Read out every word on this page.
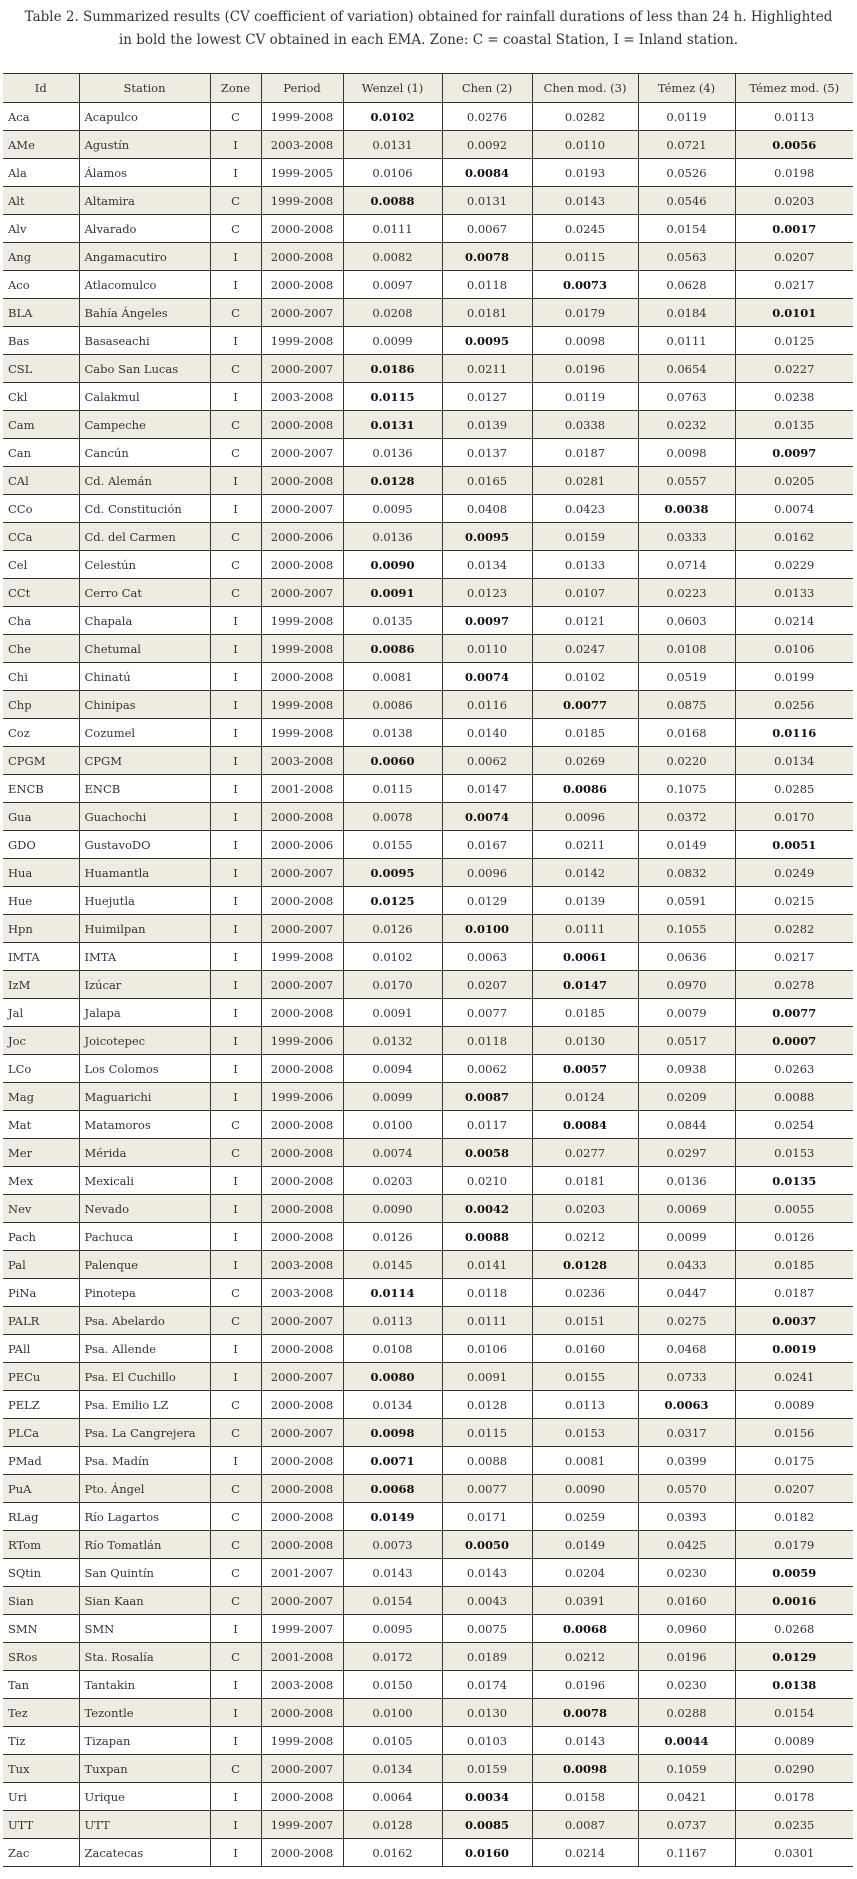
Table 2. Summarized results (CV coefficient of variation) obtained for rainfall durations of less than 24 h. Highlighted
in bold the lowest CV obtained in each EMA. Zone: C = coastal Station, I = Inland station.
Id	Station	Zone	Period	Wenzel (1)	Chen (2)	Chen mod. (3)	Témez (4)	Témez mod. (5)
Aca	Acapulco	C	1999-2008	0.0102	0.0276	0.0282	0.0119	0.0113
AMe	Agustín	I	2003-2008	0.0131	0.0092	0.0110	0.0721	0.0056
Ala	Álamos	I	1999-2005	0.0106	0.0084	0.0193	0.0526	0.0198
Alt	Altamira	C	1999-2008	0.0088	0.0131	0.0143	0.0546	0.0203
Alv	Alvarado	C	2000-2008	0.0111	0.0067	0.0245	0.0154	0.0017
Ang	Angamacutiro	I	2000-2008	0.0082	0.0078	0.0115	0.0563	0.0207
Aco	Atlacomulco	I	2000-2008	0.0097	0.0118	0.0073	0.0628	0.0217
BLA	Bahía Ángeles	C	2000-2007	0.0208	0.0181	0.0179	0.0184	0.0101
Bas	Basaseachi	I	1999-2008	0.0099	0.0095	0.0098	0.0111	0.0125
CSL	Cabo San Lucas	C	2000-2007	0.0186	0.0211	0.0196	0.0654	0.0227
Ckl	Calakmul	I	2003-2008	0.0115	0.0127	0.0119	0.0763	0.0238
Cam	Campeche	C	2000-2008	0.0131	0.0139	0.0338	0.0232	0.0135
Can	Cancún	C	2000-2007	0.0136	0.0137	0.0187	0.0098	0.0097
CAl	Cd. Alemán	I	2000-2008	0.0128	0.0165	0.0281	0.0557	0.0205
CCo	Cd. Constitución	I	2000-2007	0.0095	0.0408	0.0423	0.0038	0.0074
CCa	Cd. del Carmen	C	2000-2006	0.0136	0.0095	0.0159	0.0333	0.0162
Cel	Celestún	C	2000-2008	0.0090	0.0134	0.0133	0.0714	0.0229
CCt	Cerro Cat	C	2000-2007	0.0091	0.0123	0.0107	0.0223	0.0133
Cha	Chapala	I	1999-2008	0.0135	0.0097	0.0121	0.0603	0.0214
Che	Chetumal	I	1999-2008	0.0086	0.0110	0.0247	0.0108	0.0106
Chi	Chinatú	I	2000-2008	0.0081	0.0074	0.0102	0.0519	0.0199
Chp	Chinipas	I	1999-2008	0.0086	0.0116	0.0077	0.0875	0.0256
Coz	Cozumel	I	1999-2008	0.0138	0.0140	0.0185	0.0168	0.0116
CPGM	CPGM	I	2003-2008	0.0060	0.0062	0.0269	0.0220	0.0134
ENCB	ENCB	I	2001-2008	0.0115	0.0147	0.0086	0.1075	0.0285
Gua	Guachochi	I	2000-2008	0.0078	0.0074	0.0096	0.0372	0.0170
GDO	GustavoDO	I	2000-2006	0.0155	0.0167	0.0211	0.0149	0.0051
Hua	Huamantla	I	2000-2007	0.0095	0.0096	0.0142	0.0832	0.0249
Hue	Huejutla	I	2000-2008	0.0125	0.0129	0.0139	0.0591	0.0215
Hpn	Huimilpan	I	2000-2007	0.0126	0.0100	0.0111	0.1055	0.0282
IMTA	IMTA	I	1999-2008	0.0102	0.0063	0.0061	0.0636	0.0217
IzM	Izúcar	I	2000-2007	0.0170	0.0207	0.0147	0.0970	0.0278
Jal	Jalapa	I	2000-2008	0.0091	0.0077	0.0185	0.0079	0.0077
Joc	Joicotepec	I	1999-2006	0.0132	0.0118	0.0130	0.0517	0.0007
LCo	Los Colomos	I	2000-2008	0.0094	0.0062	0.0057	0.0938	0.0263
Mag	Maguarichi	I	1999-2006	0.0099	0.0087	0.0124	0.0209	0.0088
Mat	Matamoros	C	2000-2008	0.0100	0.0117	0.0084	0.0844	0.0254
Mer	Mérida	C	2000-2008	0.0074	0.0058	0.0277	0.0297	0.0153
Mex	Mexicali	I	2000-2008	0.0203	0.0210	0.0181	0.0136	0.0135
Nev	Nevado	I	2000-2008	0.0090	0.0042	0.0203	0.0069	0.0055
Pach	Pachuca	I	2000-2008	0.0126	0.0088	0.0212	0.0099	0.0126
Pal	Palenque	I	2003-2008	0.0145	0.0141	0.0128	0.0433	0.0185
PiNa	Pinotepa	C	2003-2008	0.0114	0.0118	0.0236	0.0447	0.0187
PALR	Psa. Abelardo	C	2000-2007	0.0113	0.0111	0.0151	0.0275	0.0037
PAll	Psa. Allende	I	2000-2008	0.0108	0.0106	0.0160	0.0468	0.0019
PECu	Psa. El Cuchillo	I	2000-2007	0.0080	0.0091	0.0155	0.0733	0.0241
PELZ	Psa. Emilio LZ	C	2000-2008	0.0134	0.0128	0.0113	0.0063	0.0089
PLCa	Psa. La Cangrejera	C	2000-2007	0.0098	0.0115	0.0153	0.0317	0.0156
PMad	Psa. Madín	I	2000-2008	0.0071	0.0088	0.0081	0.0399	0.0175
PuA	Pto. Ángel	C	2000-2008	0.0068	0.0077	0.0090	0.0570	0.0207
RLag	Río Lagartos	C	2000-2008	0.0149	0.0171	0.0259	0.0393	0.0182
RTom	Río Tomatlán	C	2000-2008	0.0073	0.0050	0.0149	0.0425	0.0179
SQtin	San Quintín	C	2001-2007	0.0143	0.0143	0.0204	0.0230	0.0059
Sian	Sian Kaan	C	2000-2007	0.0154	0.0043	0.0391	0.0160	0.0016
SMN	SMN	I	1999-2007	0.0095	0.0075	0.0068	0.0960	0.0268
SRos	Sta. Rosalía	C	2001-2008	0.0172	0.0189	0.0212	0.0196	0.0129
Tan	Tantakin	I	2003-2008	0.0150	0.0174	0.0196	0.0230	0.0138
Tez	Tezontle	I	2000-2008	0.0100	0.0130	0.0078	0.0288	0.0154
Tiz	Tizapan	I	1999-2008	0.0105	0.0103	0.0143	0.0044	0.0089
Tux	Tuxpan	C	2000-2007	0.0134	0.0159	0.0098	0.1059	0.0290
Uri	Urique	I	2000-2008	0.0064	0.0034	0.0158	0.0421	0.0178
UTT	UTT	I	1999-2007	0.0128	0.0085	0.0087	0.0737	0.0235
Zac	Zacatecas	I	2000-2008	0.0162	0.0160	0.0214	0.1167	0.0301
